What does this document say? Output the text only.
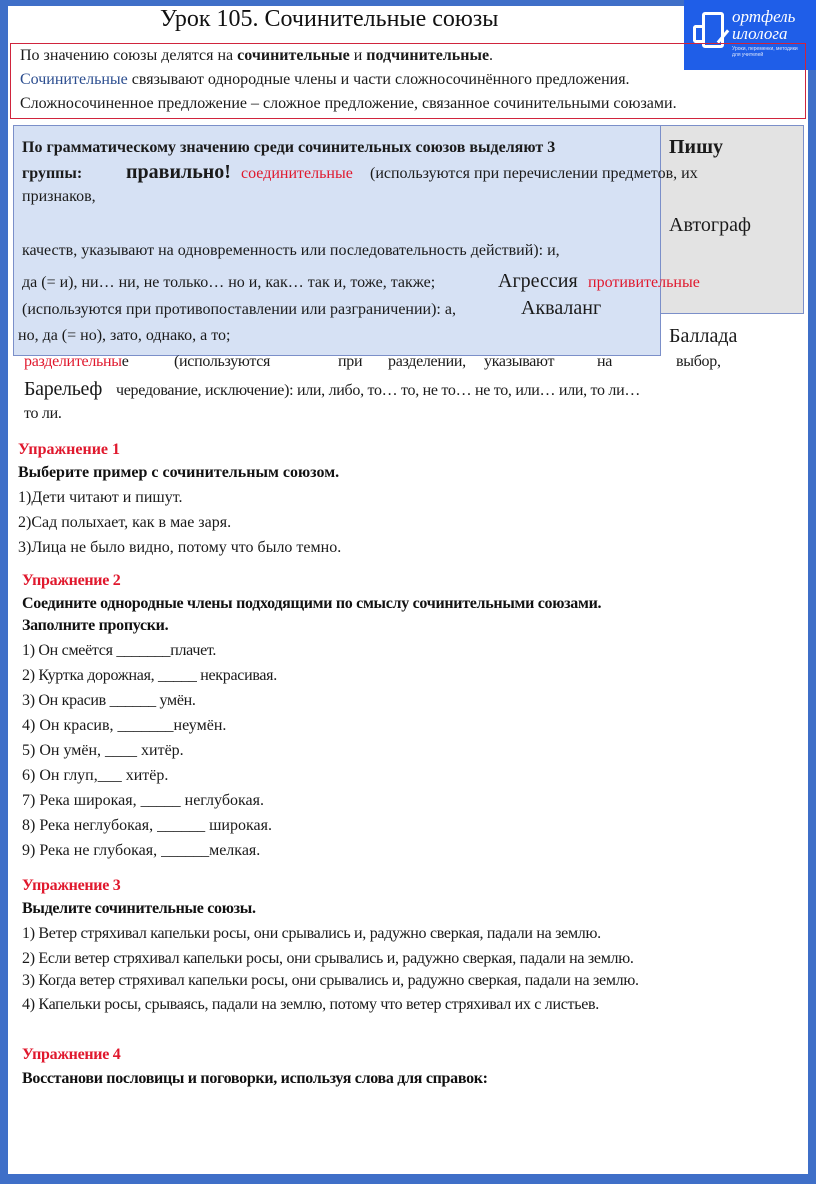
Урок 105. Сочинительные союзы	ортфель
илолога
Уроки, переменки, методики для учителей
По значению союзы делятся на сочинительные и подчинительные.
Сочинительные связывают однородные члены и части сложносочинённого предложения.
Сложносочиненное предложение – сложное предложение, связанное сочинительными союзами.
По грамматическому значению среди сочинительных союзов выделяют 3	Пишу
группы: правильно! соединительные (используются при перечислении предметов, их
признаков,
Автограф
качеств, указывают на одновременность или последовательность действий): и,
да (= и), ни… ни, не только… но и, как… так и, тоже, также;	Агрессия противительные
(используются при противопоставлении или разграничении): а,	Акваланг
но, да (= но), зато, однако, а то;	Баллада
разделительные	(используются	при разделении, указывают	на	выбор,
Барельеф чередование, исключение): или, либо, то… то, не то… не то, или… или, то ли…
то ли.
Упражнение 1
Выберите пример с сочинительным союзом.
1)Дети читают и пишут.
2)Сад полыхает, как в мае заря.
3)Лица не было видно, потому что было темно.
Упражнение 2
Соедините однородные члены подходящими по смыслу сочинительными союзами.
Заполните пропуски.
1) Он смеётся _______плачет.
2) Куртка дорожная, _____ некрасивая.
3) Он красив ______ умён.
4) Он красив, _______неумён.
5) Он умён, ____ хитёр.
6) Он глуп,___ хитёр.
7) Река широкая, _____ неглубокая.
8) Река неглубокая, ______ широкая.
9) Река не глубокая, ______мелкая.
Упражнение 3
Выделите сочинительные союзы.
1) Ветер стряхивал капельки росы, они срывались и, радужно сверкая, падали на землю.
2) Если ветер стряхивал капельки росы, они срывались и, радужно сверкая, падали на землю.
3) Когда ветер стряхивал капельки росы, они срывались и, радужно сверкая, падали на землю.
4) Капельки росы, срываясь, падали на землю, потому что ветер стряхивал их с листьев.
Упражнение 4
Восстанови пословицы и поговорки, используя слова для справок:
